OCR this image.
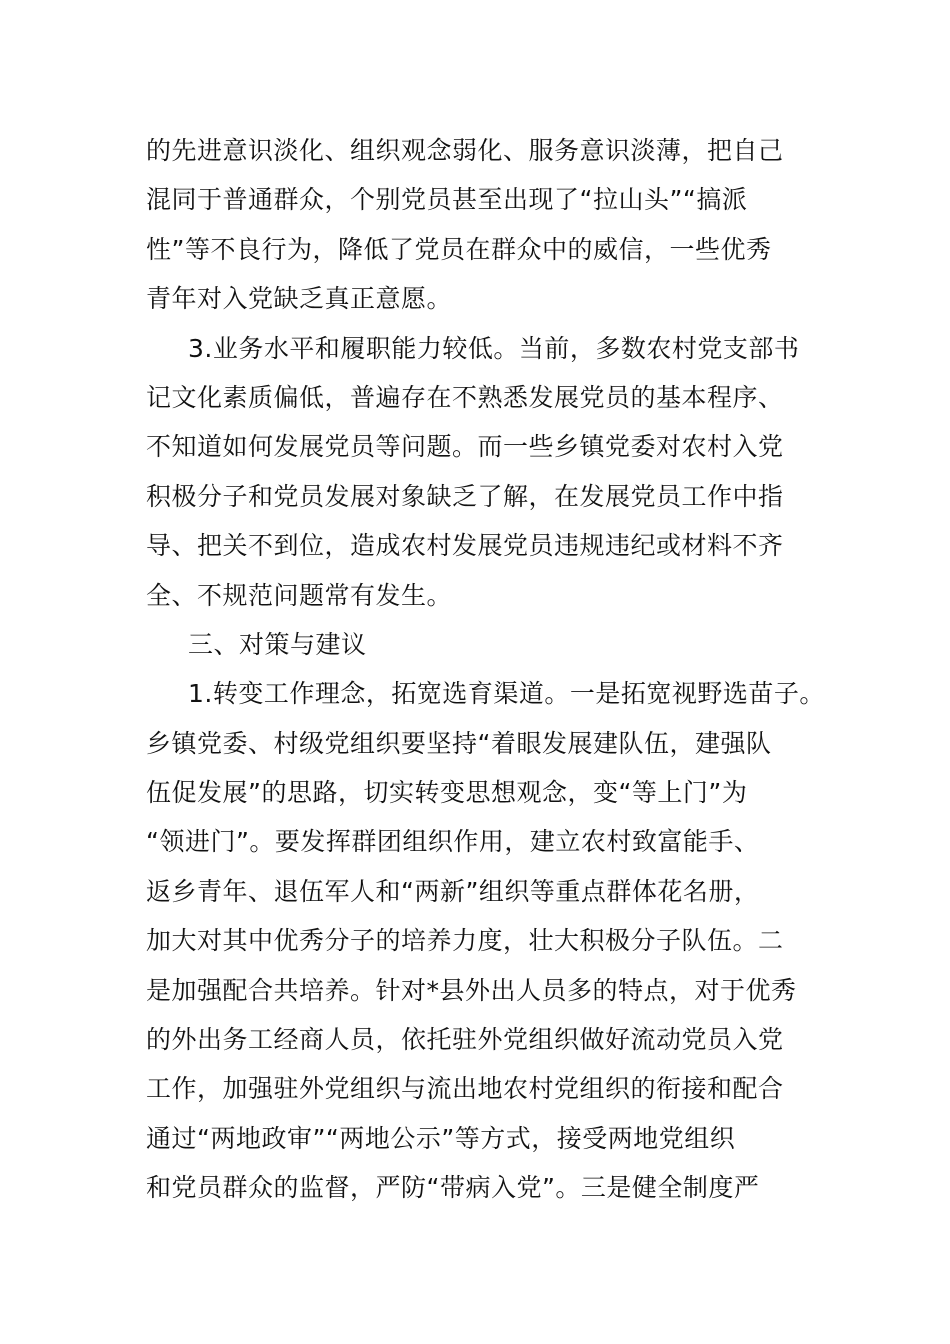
的先进意识淡化、组织观念弱化、服务意识淡薄，把自己
混同于普通群众，个别党员甚至出现了“拉山头”“搞派
性”等不良行为，降低了党员在群众中的威信，一些优秀
青年对入党缺乏真正意愿。
3.业务水平和履职能力较低。当前，多数农村党支部书
记文化素质偏低，普遍存在不熟悉发展党员的基本程序、
不知道如何发展党员等问题。而一些乡镇党委对农村入党
积极分子和党员发展对象缺乏了解，在发展党员工作中指
导、把关不到位，造成农村发展党员违规违纪或材料不齐
全、不规范问题常有发生。
三、对策与建议
1.转变工作理念，拓宽选育渠道。一是拓宽视野选苗子。
乡镇党委、村级党组织要坚持“着眼发展建队伍，建强队
伍促发展”的思路，切实转变思想观念，变“等上门”为
“领进门”。要发挥群团组织作用，建立农村致富能手、
返乡青年、退伍军人和“两新”组织等重点群体花名册，
加大对其中优秀分子的培养力度，壮大积极分子队伍。二
是加强配合共培养。针对*县外出人员多的特点，对于优秀
的外出务工经商人员，依托驻外党组织做好流动党员入党
工作，加强驻外党组织与流出地农村党组织的衔接和配合
通过“两地政审”“两地公示”等方式，接受两地党组织
和党员群众的监督，严防“带病入党”。三是健全制度严
